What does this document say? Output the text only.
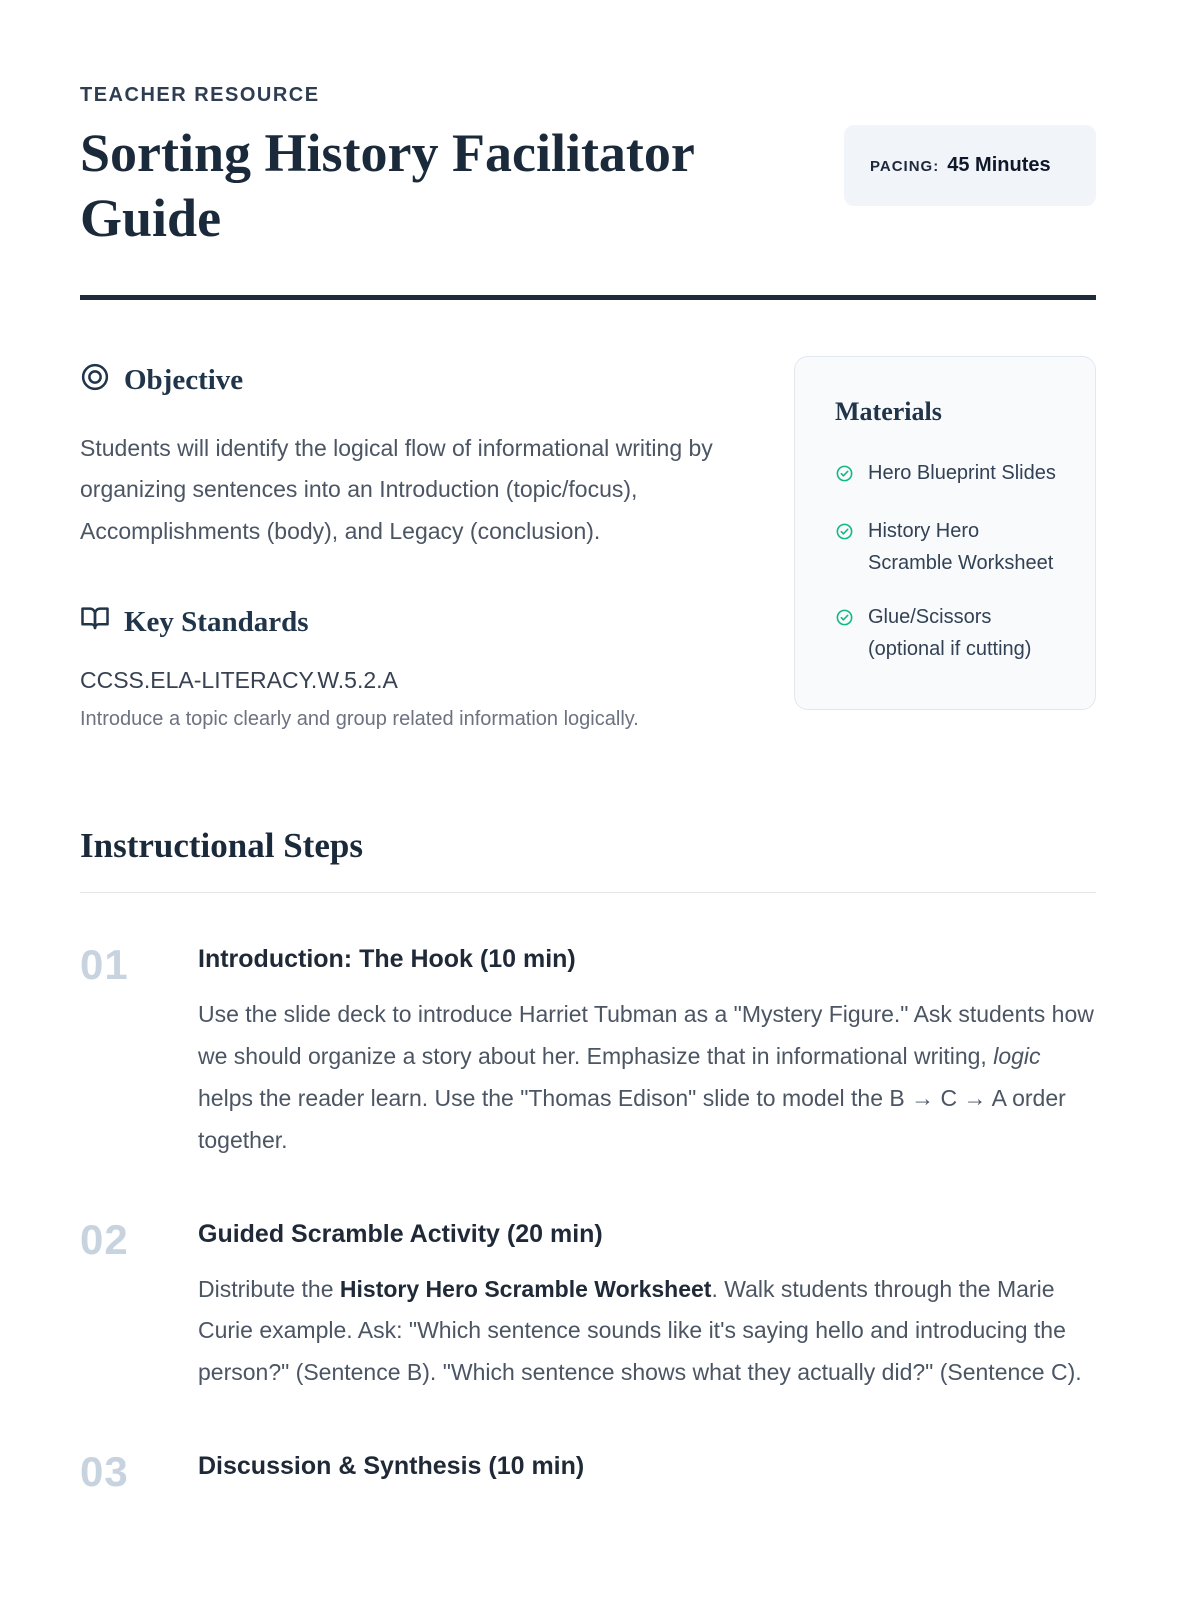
TEACHER RESOURCE
Sorting History Facilitator Guide
PACING: 45 Minutes
Objective

Students will identify the logical flow of informational writing by organizing sentences into an Introduction (topic/focus), Accomplishments (body), and Legacy (conclusion).

Key Standards
CCSS.ELA-LITERACY.W.5.2.A
Introduce a topic clearly and group related information logically.
Materials
Hero Blueprint Slides
History Hero Scramble Worksheet
Glue/Scissors (optional if cutting)
Instructional Steps
01	Introduction: The Hook (10 min)

Use the slide deck to introduce Harriet Tubman as a "Mystery Figure." Ask students how we should organize a story about her. Emphasize that in informational writing, logic helps the reader learn. Use the "Thomas Edison" slide to model the B → C → A order together.

02	Guided Scramble Activity (20 min)

Distribute the History Hero Scramble Worksheet. Walk students through the Marie Curie example. Ask: "Which sentence sounds like it's saying hello and introducing the person?" (Sentence B). "Which sentence shows what they actually did?" (Sentence C).

03	Discussion & Synthesis (10 min)
